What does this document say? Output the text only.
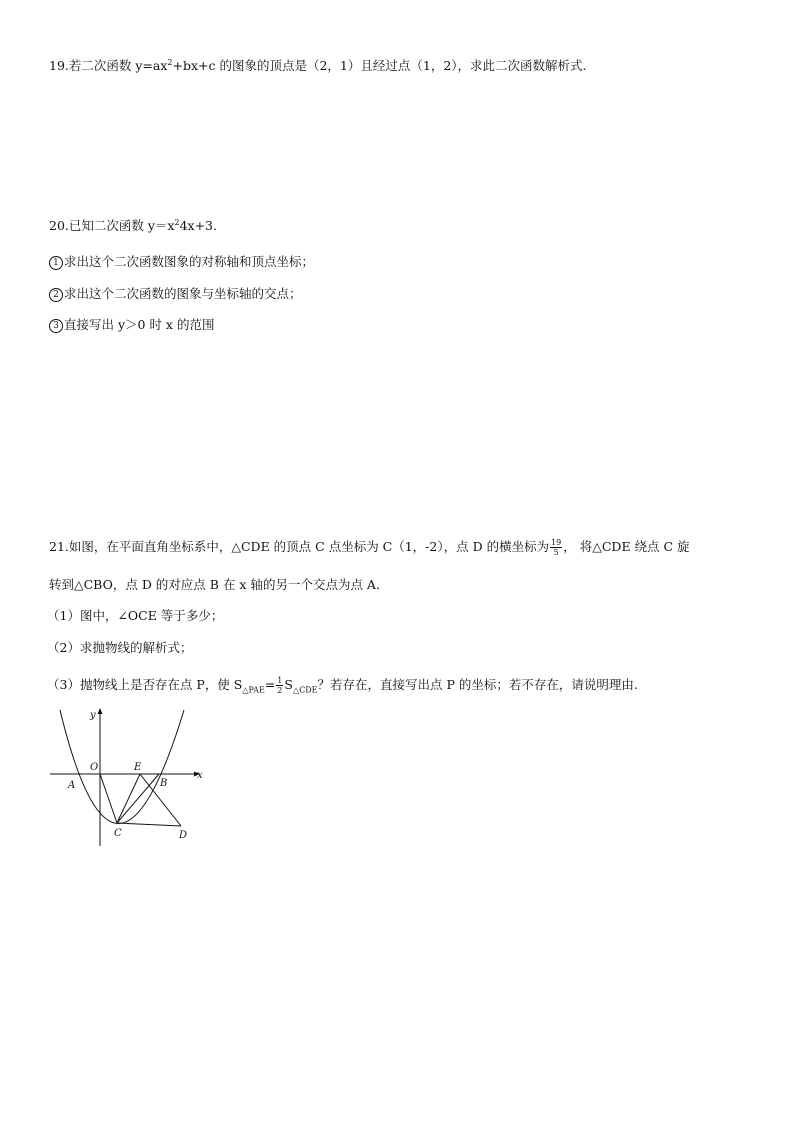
19.若二次函数 $y=ax^2+bx+c$ 的图象的顶点是（2，1）且经过点（1，2），求此二次函数解析式.
20.已知二次函数 $y=x^24x+3$.
1 求出这个二次函数图象的对称轴和顶点坐标；
2 求出这个二次函数的图象与坐标轴的交点；
3 直接写出 y＞0 时 x 的范围
21.如图，在平面直角坐标系中，△CDE 的顶点 C 点坐标为 C（1，-2），点 D 的横坐标为 $\frac{19}{5}$ ， 将△CDE 绕点 C 旋
转到△CBO，点 D 的对应点 B 在 x 轴的另一个交点为点 A．
（1）图中，∠OCE 等于多少；
（2）求抛物线的解析式；
（3）抛物线上是否存在点 P，使 $S_{\triangle PAE}= \frac{1}{2} S_{\triangle CDE}$？若存在，直接写出点 P 的坐标；若不存在，请说明理由.
y
x
O
A
E
B
C	D
